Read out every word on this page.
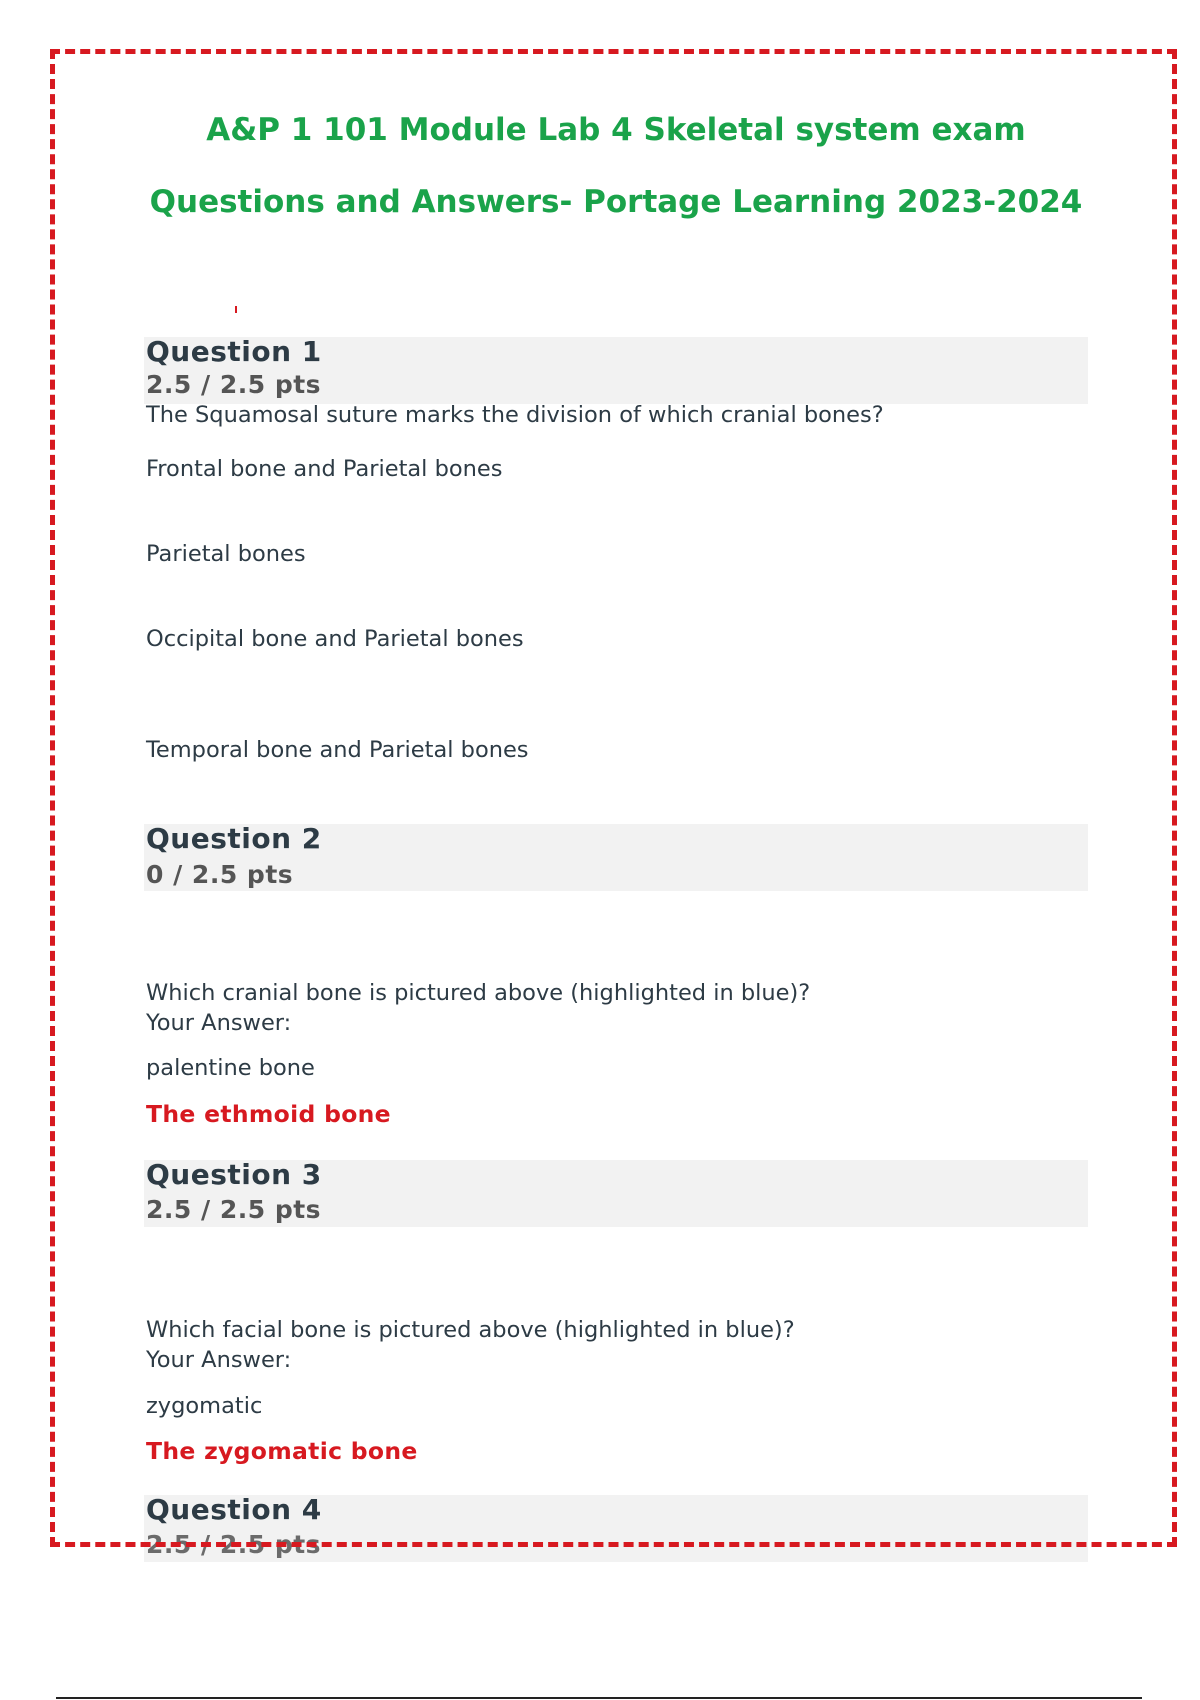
A&P 1 101 Module Lab 4 Skeletal system exam
Questions and Answers- Portage Learning 2023-2024
Question 1
2.5 / 2.5 pts
The Squamosal suture marks the division of which cranial bones?
Frontal bone and Parietal bones
Parietal bones
Occipital bone and Parietal bones
Temporal bone and Parietal bones
Question 2
0 / 2.5 pts
Which cranial bone is pictured above (highlighted in blue)?
Your Answer:
palentine bone
The ethmoid bone
Question 3
2.5 / 2.5 pts
Which facial bone is pictured above (highlighted in blue)?
Your Answer:
zygomatic
The zygomatic bone
Question 4
2.5 / 2.5 pts
